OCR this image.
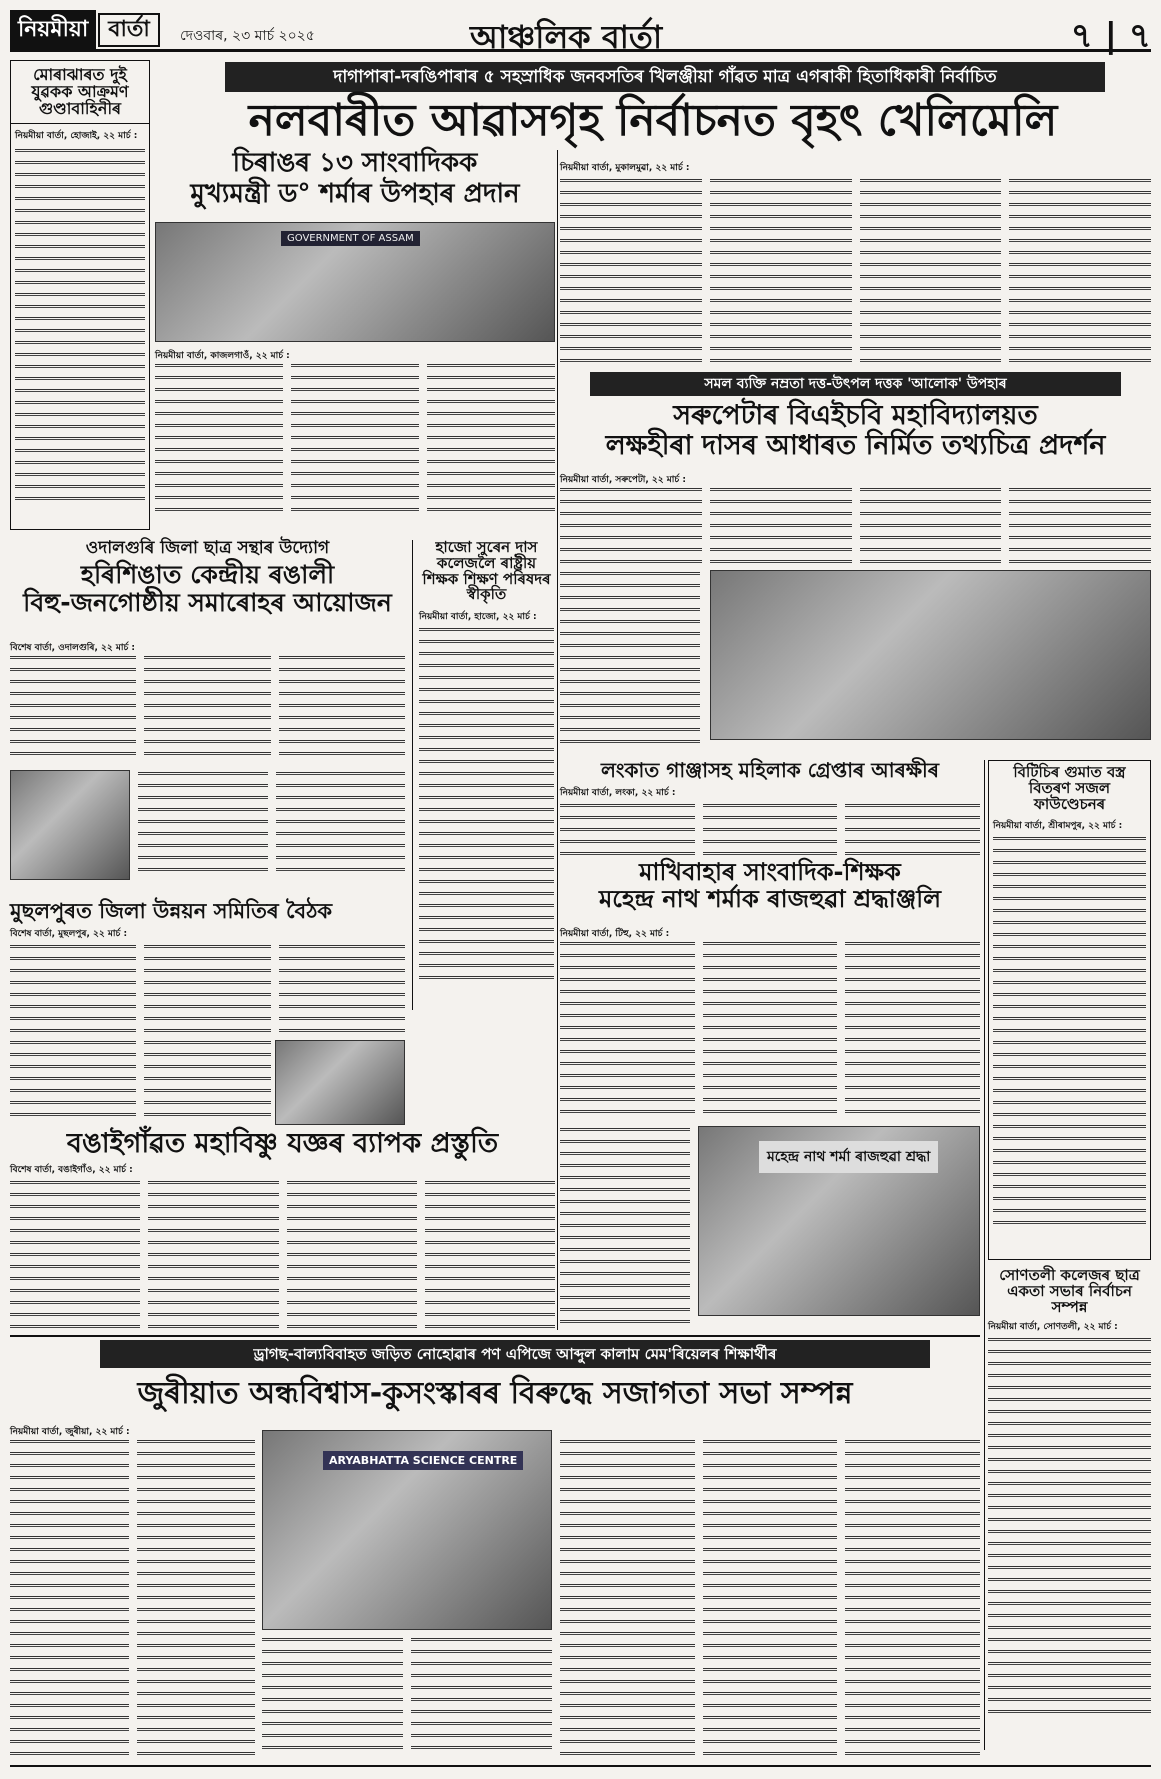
নিয়মীয়া বাৰ্তা	দেওবাৰ, ২৩ মাৰ্চ ২০২৫	আঞ্চলিক বাৰ্তা	৭ | ৭
মোৰাঝাৰত দুই যুৱকক আক্ৰমণ গুণ্ডাবাহিনীৰ
নিয়মীয়া বাৰ্তা, হোজাই, ২২ মাৰ্চ :
দাগাপাৰা-দৰঙিপাৰাৰ ৫ সহস্ৰাধিক জনবসতিৰ খিলঞ্জীয়া গাঁৱত মাত্ৰ এগৰাকী হিতাধিকাৰী নিৰ্বাচিত
নলবাৰীত আৱাসগৃহ নিৰ্বাচনত বৃহৎ খেলিমেলি
চিৰাঙৰ ১৩ সাংবাদিকক
মুখ্যমন্ত্ৰী ড° শৰ্মাৰ উপহাৰ প্ৰদান
GOVERNMENT OF ASSAM
নিয়মীয়া বাৰ্তা, কাজলগাওঁ, ২২ মাৰ্চ :
নিয়মীয়া বাৰ্তা, মুকালমুৱা, ২২ মাৰ্চ :
সমল ব্যক্তি নম্ৰতা দত্ত-উৎপল দত্তক 'আলোক' উপহাৰ
সৰুপেটাৰ বিএইচবি মহাবিদ্যালয়ত
লক্ষহীৰা দাসৰ আধাৰত নিৰ্মিত তথ্যচিত্ৰ প্ৰদৰ্শন
নিয়মীয়া বাৰ্তা, সৰুপেটা, ২২ মাৰ্চ :
ওদালগুৰি জিলা ছাত্ৰ সন্থাৰ উদ্যোগ
হৰিশিঙাত কেন্দ্ৰীয় ৰঙালী
বিহু-জনগোষ্ঠীয় সমাৰোহৰ আয়োজন
বিশেষ বাৰ্তা, ওদালগুৰি, ২২ মাৰ্চ :
হাজো সুৰেন দাস কলেজলৈ ৰাষ্ট্ৰীয় শিক্ষক শিক্ষণ পৰিষদৰ স্বীকৃতি
নিয়মীয়া বাৰ্তা, হাজো, ২২ মাৰ্চ :
লংকাত গাঞ্জাসহ মহিলাক গ্ৰেপ্তাৰ আৰক্ষীৰ
নিয়মীয়া বাৰ্তা, লংকা, ২২ মাৰ্চ :
মাখিবাহাৰ সাংবাদিক-শিক্ষক
মহেন্দ্ৰ নাথ শৰ্মাক ৰাজহুৱা শ্ৰদ্ধাঞ্জলি
নিয়মীয়া বাৰ্তা, টিহু, ২২ মাৰ্চ :
মহেন্দ্ৰ নাথ শৰ্মা ৰাজহুৱা শ্ৰদ্ধা
বিটিচিৰ গুমাত বস্ত্ৰ বিতৰণ সজল ফাউণ্ডেচনৰ
নিয়মীয়া বাৰ্তা, শ্ৰীৰামপুৰ, ২২ মাৰ্চ :
মুছলপুৰত জিলা উন্নয়ন সমিতিৰ বৈঠক
বিশেষ বাৰ্তা, মুছলপুৰ, ২২ মাৰ্চ :
বঙাইগাঁৱত মহাবিষ্ণু যজ্ঞৰ ব্যাপক প্ৰস্তুতি
বিশেষ বাৰ্তা, বঙাইগাঁও, ২২ মাৰ্চ :
সোণতলী কলেজৰ ছাত্ৰ একতা সভাৰ নিৰ্বাচন সম্পন্ন
নিয়মীয়া বাৰ্তা, সোণতলী, ২২ মাৰ্চ :
ড্ৰাগছ-বাল্যবিবাহত জড়িত নোহোৱাৰ পণ এপিজে আব্দুল কালাম মেম'ৰিয়েলৰ শিক্ষাৰ্থীৰ
জুৰীয়াত অন্ধবিশ্বাস-কুসংস্কাৰৰ বিৰুদ্ধে সজাগতা সভা সম্পন্ন
নিয়মীয়া বাৰ্তা, জুৰীয়া, ২২ মাৰ্চ :
ARYABHATTA SCIENCE CENTRE
